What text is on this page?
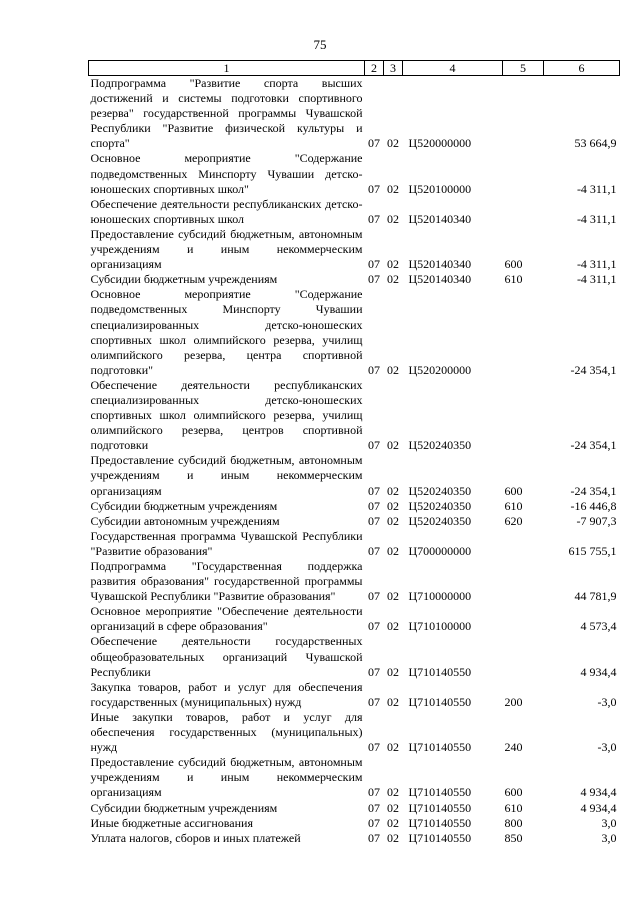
75
1	2	3	4	5	6
Подпрограмма "Развитие спорта высших достижений и системы подготовки спортивного резерва" государственной программы Чувашской Республики "Развитие физической культуры и спорта"	07	02	Ц520000000		53 664,9
Основное мероприятие "Содержание подведомственных Минспорту Чувашии детско-юношеских спортивных школ"	07	02	Ц520100000		-4 311,1
Обеспечение деятельности республиканских детско-юношеских спортивных школ	07	02	Ц520140340		-4 311,1
Предоставление субсидий бюджетным, автономным учреждениям и иным некоммерческим организациям	07	02	Ц520140340	600	-4 311,1
Субсидии бюджетным учреждениям	07	02	Ц520140340	610	-4 311,1
Основное мероприятие "Содержание подведомственных Минспорту Чувашии специализированных детско-юношеских спортивных школ олимпийского резерва, училищ олимпийского резерва, центра спортивной подготовки"	07	02	Ц520200000		-24 354,1
Обеспечение деятельности республиканских специализированных детско-юношеских спортивных школ олимпийского резерва, училищ олимпийского резерва, центров спортивной подготовки	07	02	Ц520240350		-24 354,1
Предоставление субсидий бюджетным, автономным учреждениям и иным некоммерческим организациям	07	02	Ц520240350	600	-24 354,1
Субсидии бюджетным учреждениям	07	02	Ц520240350	610	-16 446,8
Субсидии автономным учреждениям	07	02	Ц520240350	620	-7 907,3
Государственная программа Чувашской Республики "Развитие образования"	07	02	Ц700000000		615 755,1
Подпрограмма "Государственная поддержка развития образования" государственной программы Чувашской Республики "Развитие образования"	07	02	Ц710000000		44 781,9
Основное мероприятие "Обеспечение деятельности организаций в сфере образования"	07	02	Ц710100000		4 573,4
Обеспечение деятельности государственных общеобразовательных организаций Чувашской Республики	07	02	Ц710140550		4 934,4
Закупка товаров, работ и услуг для обеспечения государственных (муниципальных) нужд	07	02	Ц710140550	200	-3,0
Иные закупки товаров, работ и услуг для обеспечения государственных (муниципальных) нужд	07	02	Ц710140550	240	-3,0
Предоставление субсидий бюджетным, автономным учреждениям и иным некоммерческим организациям	07	02	Ц710140550	600	4 934,4
Субсидии бюджетным учреждениям	07	02	Ц710140550	610	4 934,4
Иные бюджетные ассигнования	07	02	Ц710140550	800	3,0
Уплата налогов, сборов и иных платежей	07	02	Ц710140550	850	3,0
